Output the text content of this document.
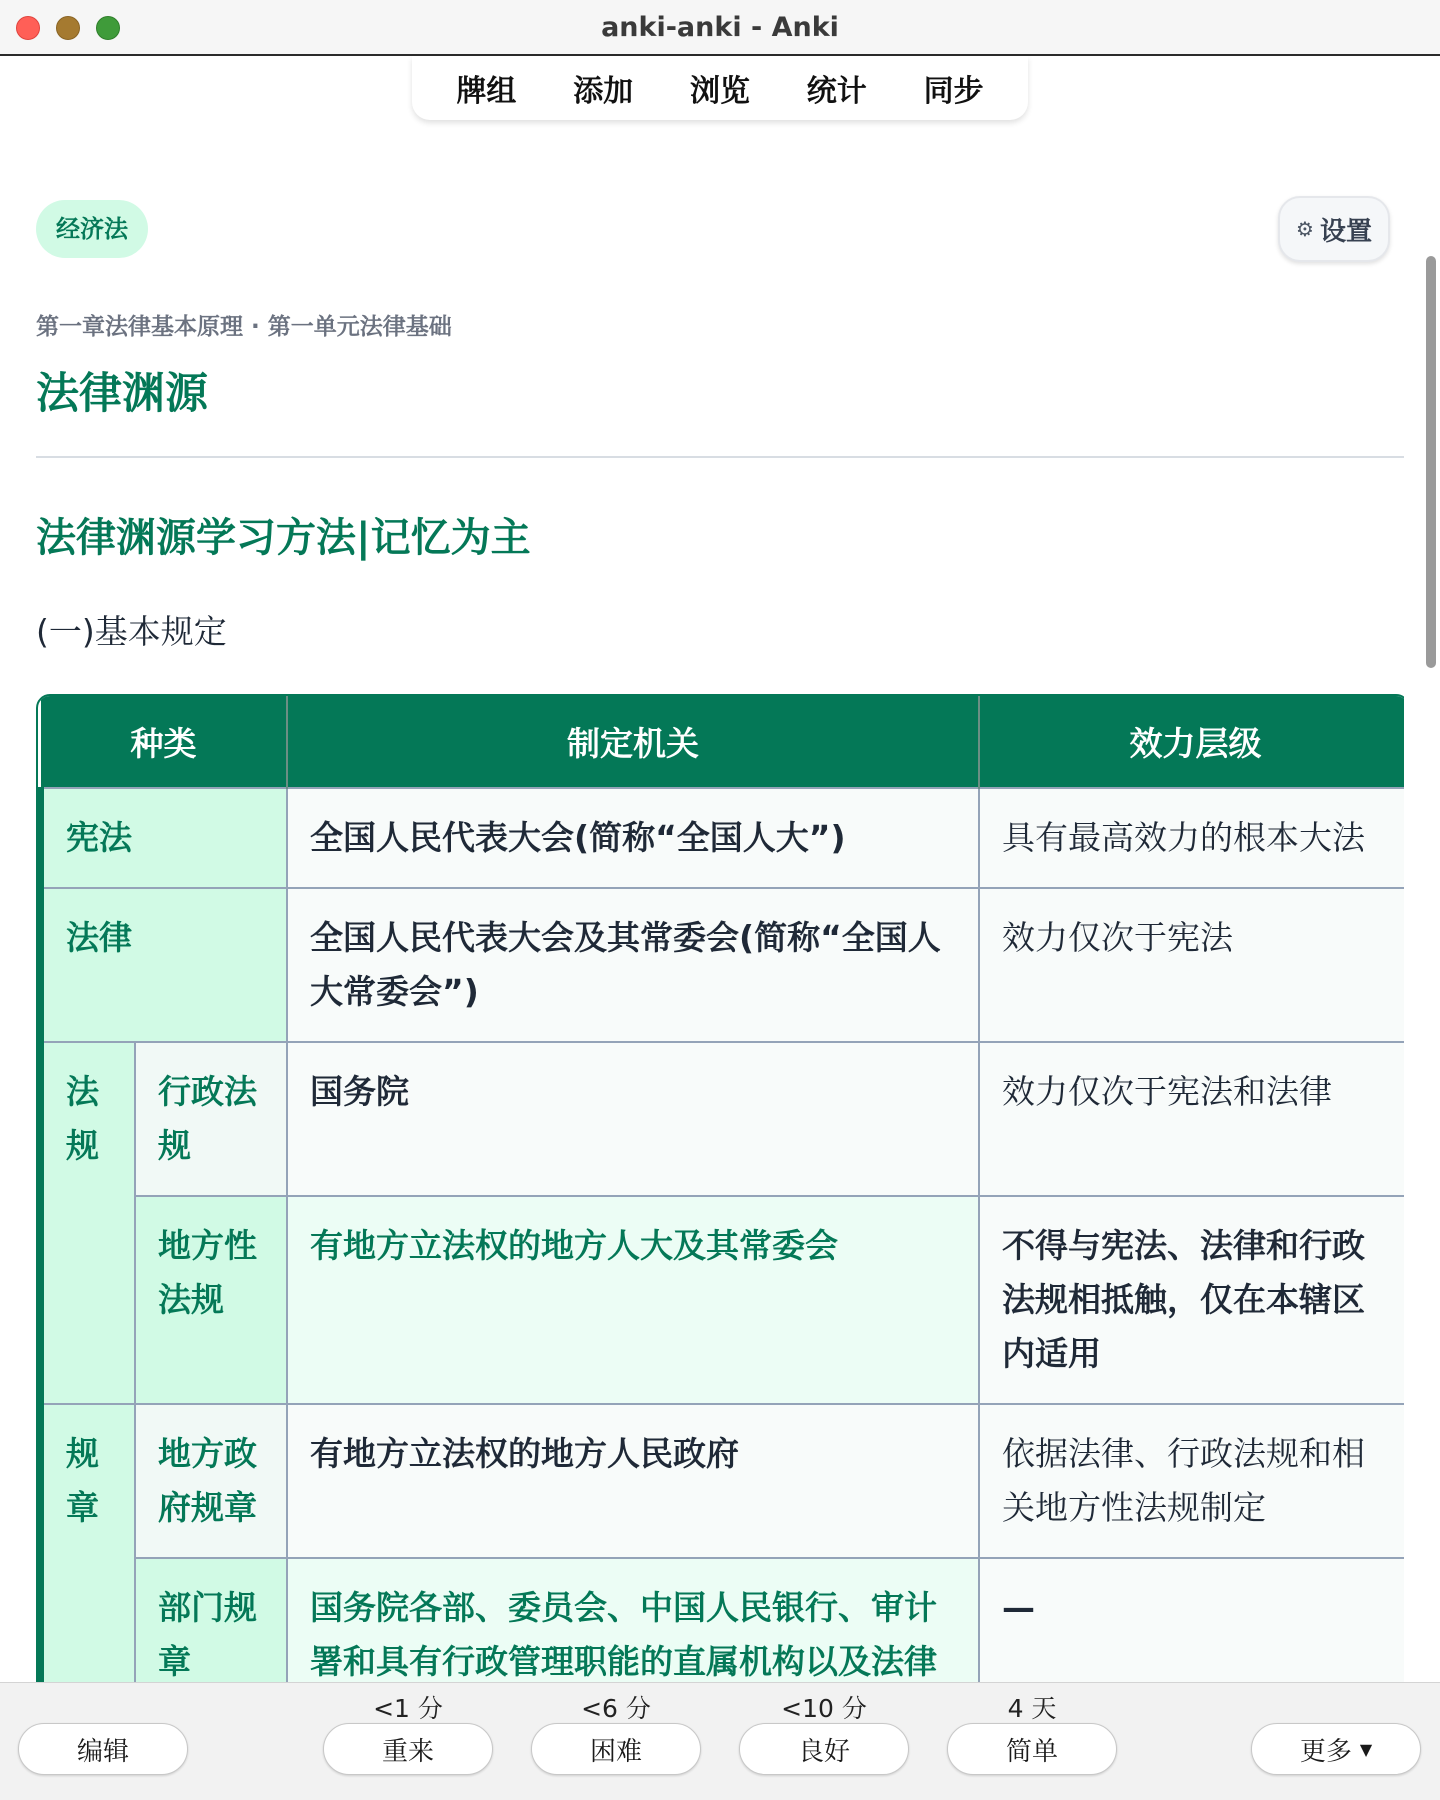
anki-anki - Anki
牌组	添加	浏览	统计	同步
经济法	⚙ 设置
第一章法律基本原理 · 第一单元法律基础
法律渊源
法律渊源学习方法|记忆为主
(一)基本规定
种类		制定机关	效力层级
宪法		全国人民代表大会(简称“全国人大”)	具有最高效力的根本大法
法律		全国人民代表大会及其常委会(简称“全国人大常委会”)	效力仅次于宪法
法规	行政法规	国务院	效力仅次于宪法和法律
	地方性法规	有地方立法权的地方人大及其常委会	不得与宪法、法律和行政法规相抵触，仅在本辖区内适用
规章	地方政府规章	有地方立法权的地方人民政府	依据法律、行政法规和相关地方性法规制定
	部门规章	国务院各部、委员会、中国人民银行、审计署和具有行政管理职能的直属机构以及法律	—
编辑
<1 分
重来
<6 分
困难
<10 分
良好
4 天
简单	更多 ▼
